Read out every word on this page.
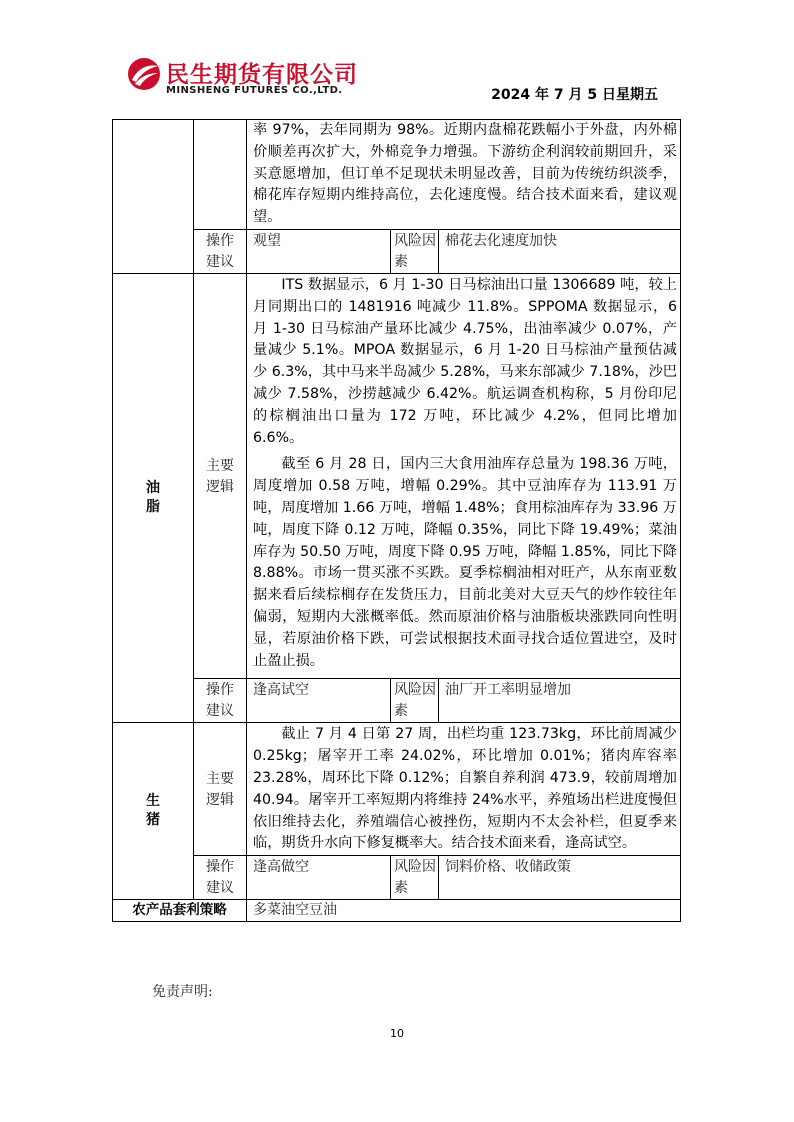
民生期货有限公司
MINSHENG FUTURES CO.,LTD.	2024 年 7 月 5 日星期五

		率 97%，去年同期为 98%。近期内盘棉花跌幅小于外盘，内外棉价顺差再次扩大，外棉竞争力增强。下游纺企利润较前期回升，采买意愿增加，但订单不足现状未明显改善，目前为传统纺织淡季，棉花库存短期内维持高位，去化速度慢。结合技术面来看，建议观望。		

	操作建议	观望	风险因素	棉花去化速度加快
油脂	主要逻辑	ITS 数据显示，6 月 1-30 日马棕油出口量 1306689 吨，较上月同期出口的 1481916 吨减少 11.8%。SPPOMA 数据显示，6 月 1-30 日马棕油产量环比减少 4.75%，出油率减少 0.07%，产量减少 5.1%。MPOA 数据显示，6 月 1-20 日马棕油产量预估减少 6.3%，其中马来半岛减少 5.28%，马来东部减少 7.18%，沙巴减少 7.58%，沙捞越减少 6.42%。航运调查机构称，5 月份印尼的棕榈油出口量为 172 万吨，环比减少 4.2%，但同比增加 6.6%。

截至 6 月 28 日，国内三大食用油库存总量为 198.36 万吨，周度增加 0.58 万吨，增幅 0.29%。其中豆油库存为 113.91 万吨，周度增加 1.66 万吨，增幅 1.48%；食用棕油库存为 33.96 万吨，周度下降 0.12 万吨，降幅 0.35%，同比下降 19.49%；菜油库存为 50.50 万吨，周度下降 0.95 万吨，降幅 1.85%，同比下降 8.88%。市场一贯买涨不买跌。夏季棕榈油相对旺产，从东南亚数据来看后续棕榈存在发货压力，目前北美对大豆天气的炒作较往年偏弱，短期内大涨概率低。然而原油价格与油脂板块涨跌同向性明显，若原油价格下跌，可尝试根据技术面寻找合适位置进空，及时止盈止损。		

	操作建议	逢高试空	风险因素	油厂开工率明显增加
生猪	主要逻辑	截止 7 月 4 日第 27 周，出栏均重 123.73kg，环比前周减少 0.25kg；屠宰开工率 24.02%，环比增加 0.01%；猪肉库容率 23.28%，周环比下降 0.12%；自繁自养利润 473.9，较前周增加 40.94。屠宰开工率短期内将维持 24%水平，养殖场出栏进度慢但依旧维持去化，养殖端信心被挫伤，短期内不太会补栏，但夏季来临，期货升水向下修复概率大。结合技术面来看，逢高试空。		

	操作建议	逢高做空	风险因素	饲料价格、收储政策
农产品套利策略		多菜油空豆油		
免责声明:
10
